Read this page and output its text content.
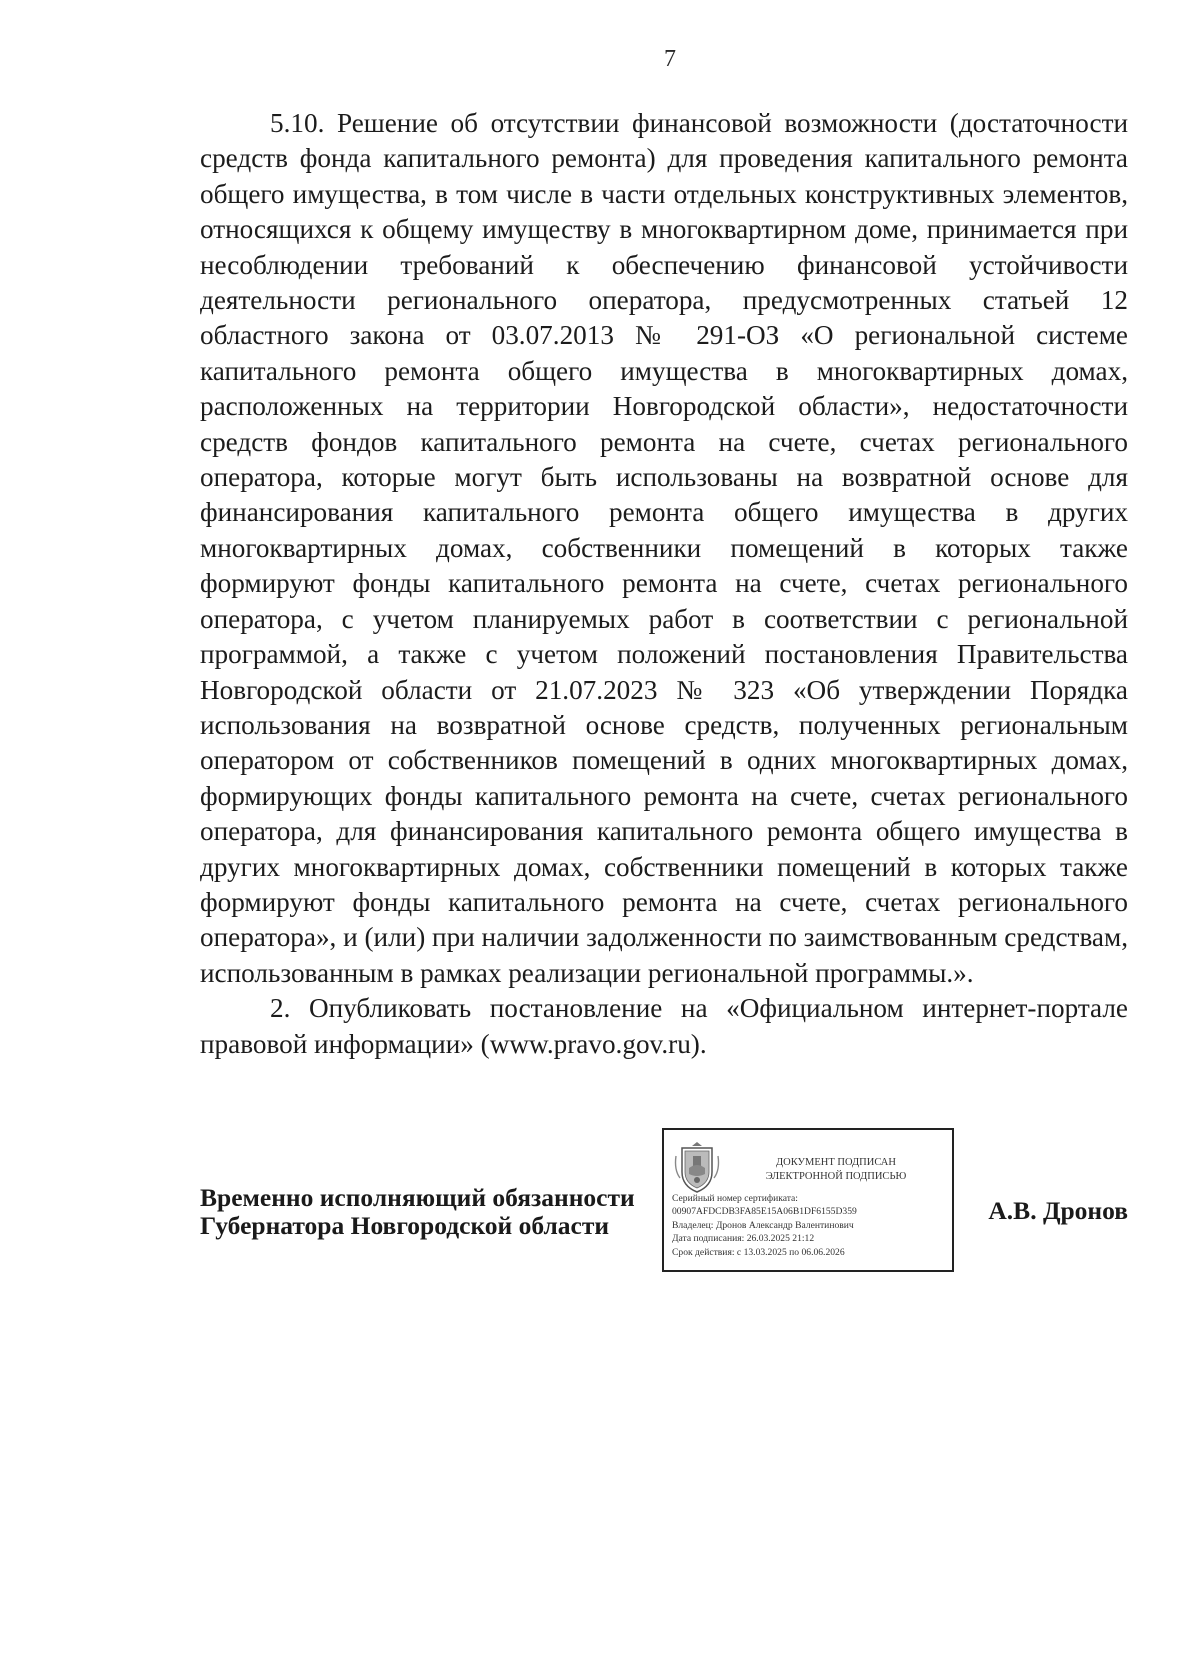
7

5.10. Решение об отсутствии финансовой возможности (достаточности средств фонда капитального ремонта) для проведения капитального ремонта общего имущества, в том числе в части отдельных конструктивных элементов, относящихся к общему имуществу в многоквартирном доме, принимается при несоблюдении требований к обеспечению финансовой устойчивости деятельности регионального оператора, предусмотренных статьей 12 областного закона от 03.07.2013 № 291-ОЗ «О региональной системе капитального ремонта общего имущества в многоквартирных домах, расположенных на территории Новгородской области», недостаточности средств фондов капитального ремонта на счете, счетах регионального оператора, которые могут быть использованы на возвратной основе для финансирования капитального ремонта общего имущества в других многоквартирных домах, собственники помещений в которых также формируют фонды капитального ремонта на счете, счетах регионального оператора, с учетом планируемых работ в соответствии с региональной программой, а также с учетом положений постановления Правительства Новгородской области от 21.07.2023 № 323 «Об утверждении Порядка использования на возвратной основе средств, полученных региональным оператором от собственников помещений в одних многоквартирных домах, формирующих фонды капитального ремонта на счете, счетах регионального оператора, для финансирования капитального ремонта общего имущества в других многоквартирных домах, собственники помещений в которых также формируют фонды капитального ремонта на счете, счетах регионального оператора», и (или) при наличии задолженности по заимствованным средствам, использованным в рамках реализации региональной программы.».

2. Опубликовать постановление на «Официальном интернет-портале правовой информации» (www.pravo.gov.ru).

Временно исполняющий обязанности
Губернатора Новгородской области
ДОКУМЕНТ ПОДПИСАН
ЭЛЕКТРОННОЙ ПОДПИСЬЮ
Серийный номер сертификата:
00907AFDCDB3FA85E15A06B1DF6155D359
Владелец: Дронов Александр Валентинович
Дата подписания: 26.03.2025 21:12
Срок действия: с 13.03.2025 по 06.06.2026
А.В. Дронов
